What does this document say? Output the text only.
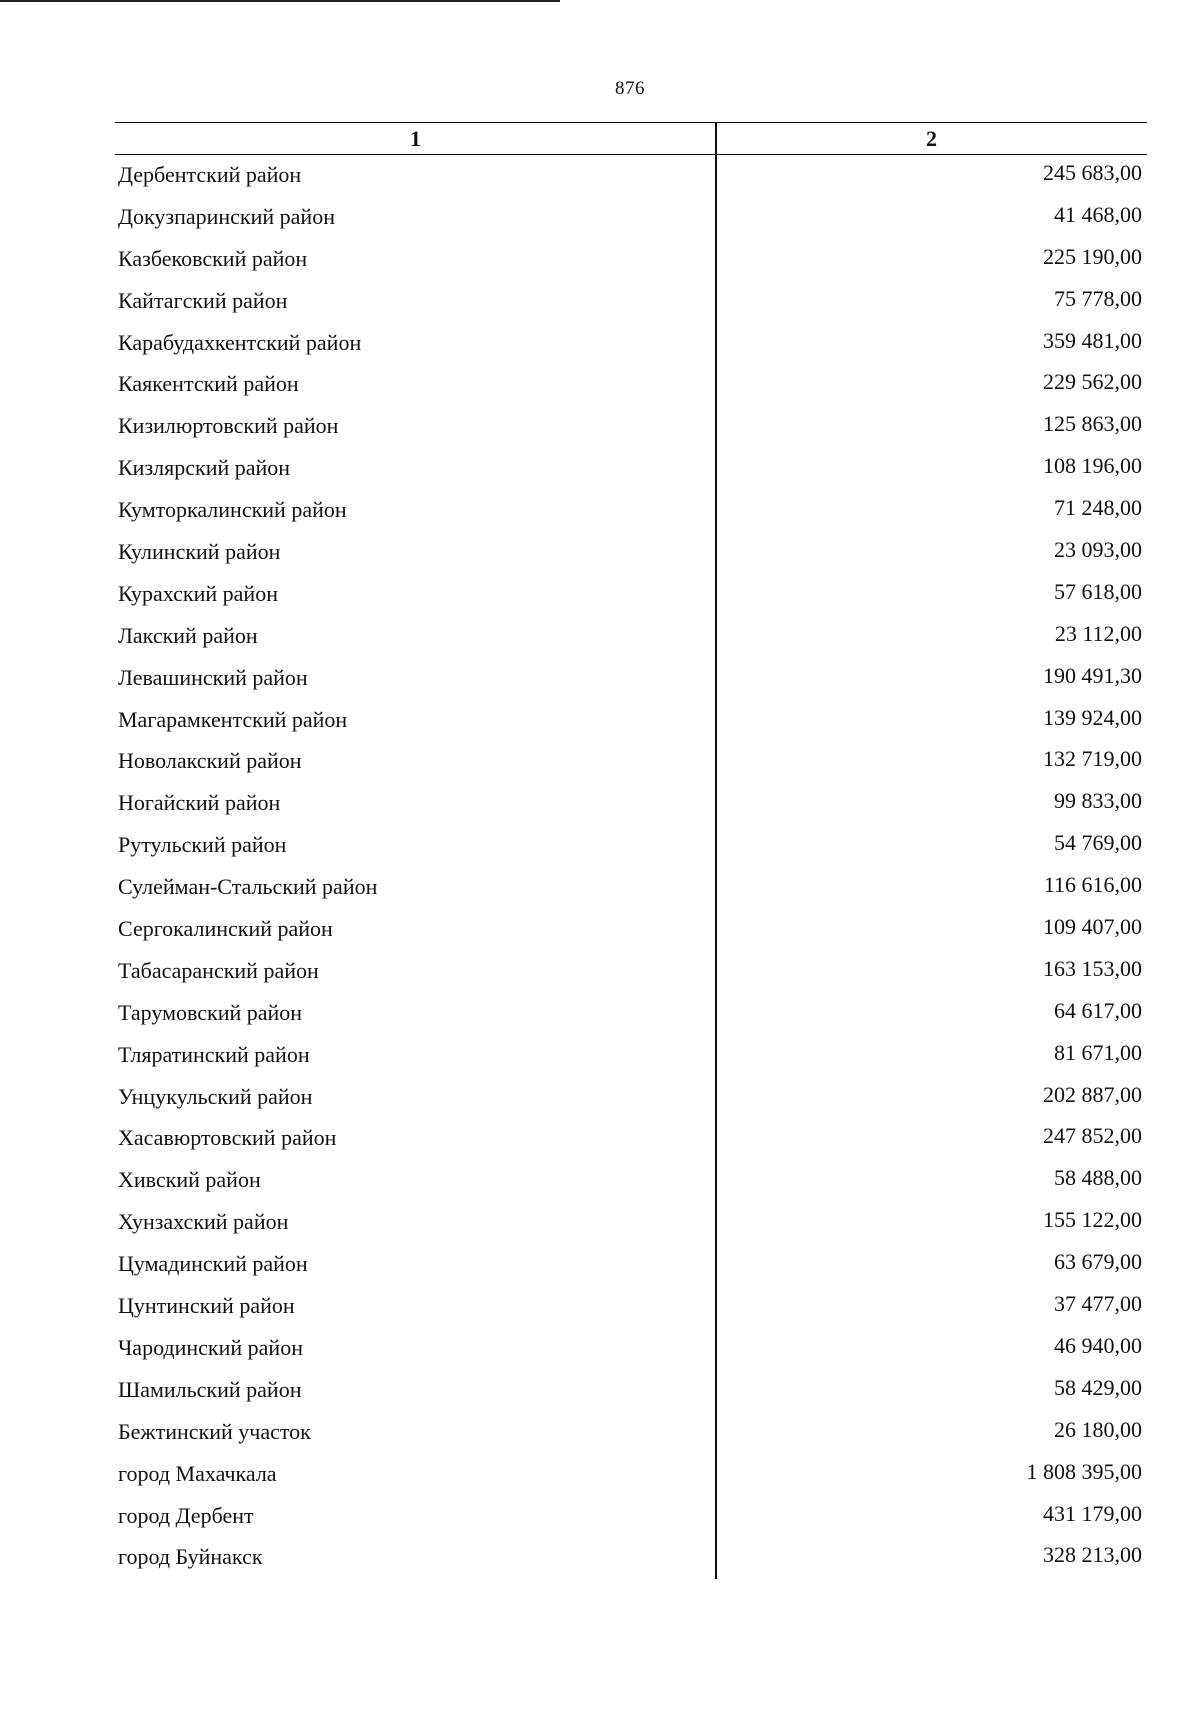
876
1	2
Дербентский район	245 683,00
Докузпаринский район	41 468,00
Казбековский район	225 190,00
Кайтагский район	75 778,00
Карабудахкентский район	359 481,00
Каякентский район	229 562,00
Кизилюртовский район	125 863,00
Кизлярский район	108 196,00
Кумторкалинский район	71 248,00
Кулинский район	23 093,00
Курахский район	57 618,00
Лакский район	23 112,00
Левашинский район	190 491,30
Магарамкентский район	139 924,00
Новолакский район	132 719,00
Ногайский район	99 833,00
Рутульский район	54 769,00
Сулейман-Стальский район	116 616,00
Сергокалинский район	109 407,00
Табасаранский район	163 153,00
Тарумовский район	64 617,00
Тляратинский район	81 671,00
Унцукульский район	202 887,00
Хасавюртовский район	247 852,00
Хивский район	58 488,00
Хунзахский район	155 122,00
Цумадинский район	63 679,00
Цунтинский район	37 477,00
Чародинский район	46 940,00
Шамильский район	58 429,00
Бежтинский участок	26 180,00
город Махачкала	1 808 395,00
город Дербент	431 179,00
город Буйнакск	328 213,00
